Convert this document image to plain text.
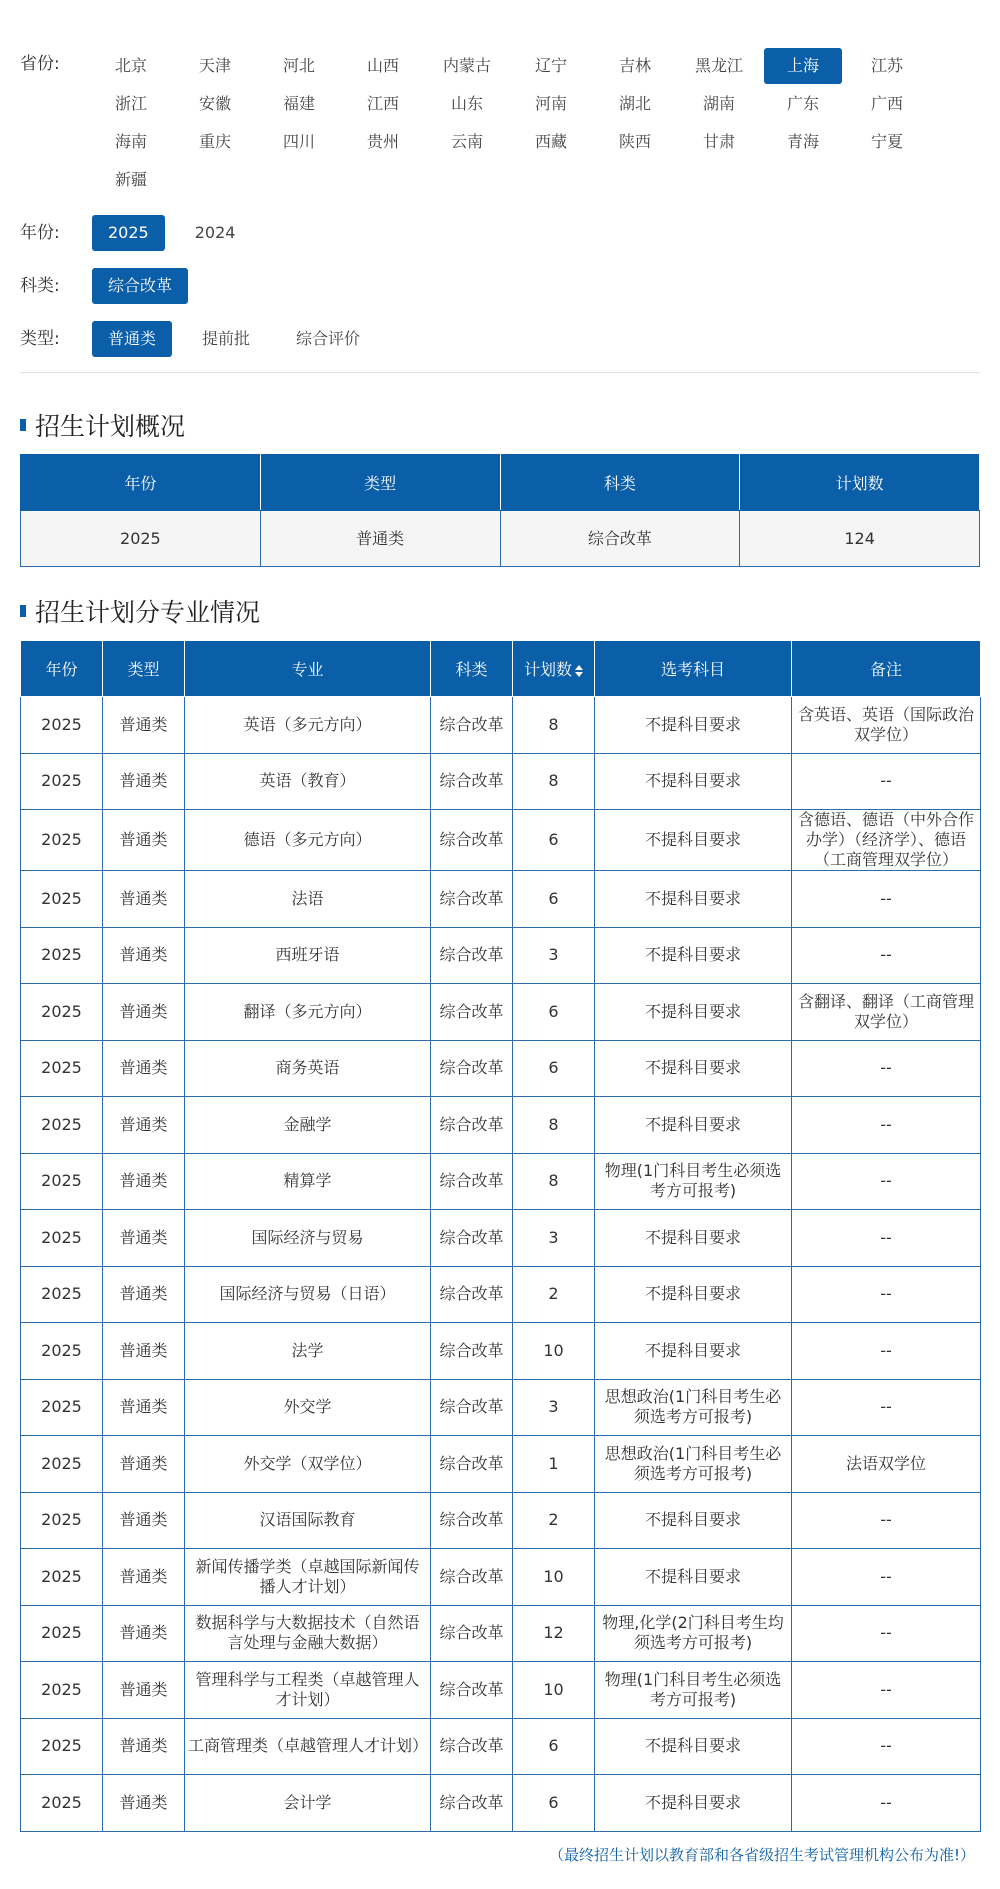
省份:	北京	天津	河北	山西	内蒙古	辽宁	吉林	黑龙江	上海	江苏
浙江	安徽	福建	江西	山东	河南	湖北	湖南	广东	广西
海南	重庆	四川	贵州	云南	西藏	陕西	甘肃	青海	宁夏
新疆
年份:	2025	2024
科类:	综合改革
类型:	普通类	提前批	综合评价
招生计划概况
年份	类型	科类	计划数
2025	普通类	综合改革	124
招生计划分专业情况
年份	类型	专业	科类	计划数	选考科目	备注
2025	普通类	英语（多元方向）	综合改革	8	不提科目要求	含英语、英语（国际政治双学位）
2025	普通类	英语（教育）	综合改革	8	不提科目要求	--
2025	普通类	德语（多元方向）	综合改革	6	不提科目要求	含德语、德语（中外合作办学）（经济学）、德语（工商管理双学位）
2025	普通类	法语	综合改革	6	不提科目要求	--
2025	普通类	西班牙语	综合改革	3	不提科目要求	--
2025	普通类	翻译（多元方向）	综合改革	6	不提科目要求	含翻译、翻译（工商管理双学位）
2025	普通类	商务英语	综合改革	6	不提科目要求	--
2025	普通类	金融学	综合改革	8	不提科目要求	--
2025	普通类	精算学	综合改革	8	物理(1门科目考生必须选考方可报考)	--
2025	普通类	国际经济与贸易	综合改革	3	不提科目要求	--
2025	普通类	国际经济与贸易（日语）	综合改革	2	不提科目要求	--
2025	普通类	法学	综合改革	10	不提科目要求	--
2025	普通类	外交学	综合改革	3	思想政治(1门科目考生必须选考方可报考)	--
2025	普通类	外交学（双学位）	综合改革	1	思想政治(1门科目考生必须选考方可报考)	法语双学位
2025	普通类	汉语国际教育	综合改革	2	不提科目要求	--
2025	普通类	新闻传播学类（卓越国际新闻传播人才计划）	综合改革	10	不提科目要求	--
2025	普通类	数据科学与大数据技术（自然语言处理与金融大数据）	综合改革	12	物理,化学(2门科目考生均须选考方可报考)	--
2025	普通类	管理科学与工程类（卓越管理人才计划）	综合改革	10	物理(1门科目考生必须选考方可报考)	--
2025	普通类	工商管理类（卓越管理人才计划）	综合改革	6	不提科目要求	--
2025	普通类	会计学	综合改革	6	不提科目要求	--
（最终招生计划以教育部和各省级招生考试管理机构公布为准!）
